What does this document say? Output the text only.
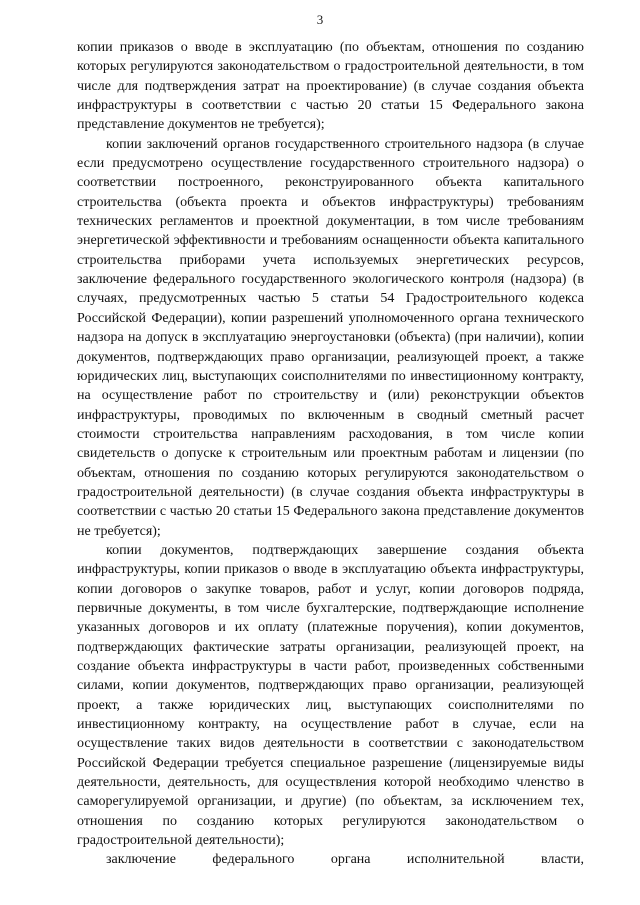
3

копии приказов о вводе в эксплуатацию (по объектам, отношения по созданию которых регулируются законодательством о градостроительной деятельности, в том числе для подтверждения затрат на проектирование) (в случае создания объекта инфраструктуры в соответствии с частью 20 статьи 15 Федерального закона представление документов не требуется);

копии заключений органов государственного строительного надзора (в случае если предусмотрено осуществление государственного строительного надзора) о соответствии построенного, реконструированного объекта капитального строительства (объекта проекта и объектов инфраструктуры) требованиям технических регламентов и проектной документации, в том числе требованиям энергетической эффективности и требованиям оснащенности объекта капитального строительства приборами учета используемых энергетических ресурсов, заключение федерального государственного экологического контроля (надзора) (в случаях, предусмотренных частью 5 статьи 54 Градостроительного кодекса Российской Федерации), копии разрешений уполномоченного органа технического надзора на допуск в эксплуатацию энергоустановки (объекта) (при наличии), копии документов, подтверждающих право организации, реализующей проект, а также юридических лиц, выступающих соисполнителями по инвестиционному контракту, на осуществление работ по строительству и (или) реконструкции объектов инфраструктуры, проводимых по включенным в сводный сметный расчет стоимости строительства направлениям расходования, в том числе копии свидетельств о допуске к строительным или проектным работам и лицензии (по объектам, отношения по созданию которых регулируются законодательством о градостроительной деятельности) (в случае создания объекта инфраструктуры в соответствии с частью 20 статьи 15 Федерального закона представление документов не требуется);

копии документов, подтверждающих завершение создания объекта инфраструктуры, копии приказов о вводе в эксплуатацию объекта инфраструктуры, копии договоров о закупке товаров, работ и услуг, копии договоров подряда, первичные документы, в том числе бухгалтерские, подтверждающие исполнение указанных договоров и их оплату (платежные поручения), копии документов, подтверждающих фактические затраты организации, реализующей проект, на создание объекта инфраструктуры в части работ, произведенных собственными силами, копии документов, подтверждающих право организации, реализующей проект, а также юридических лиц, выступающих соисполнителями по инвестиционному контракту, на осуществление работ в случае, если на осуществление таких видов деятельности в соответствии с законодательством Российской Федерации требуется специальное разрешение (лицензируемые виды деятельности, деятельность, для осуществления которой необходимо членство в саморегулируемой организации, и другие) (по объектам, за исключением тех, отношения по созданию которых регулируются законодательством о градостроительной деятельности);

заключение федерального органа исполнительной власти,
